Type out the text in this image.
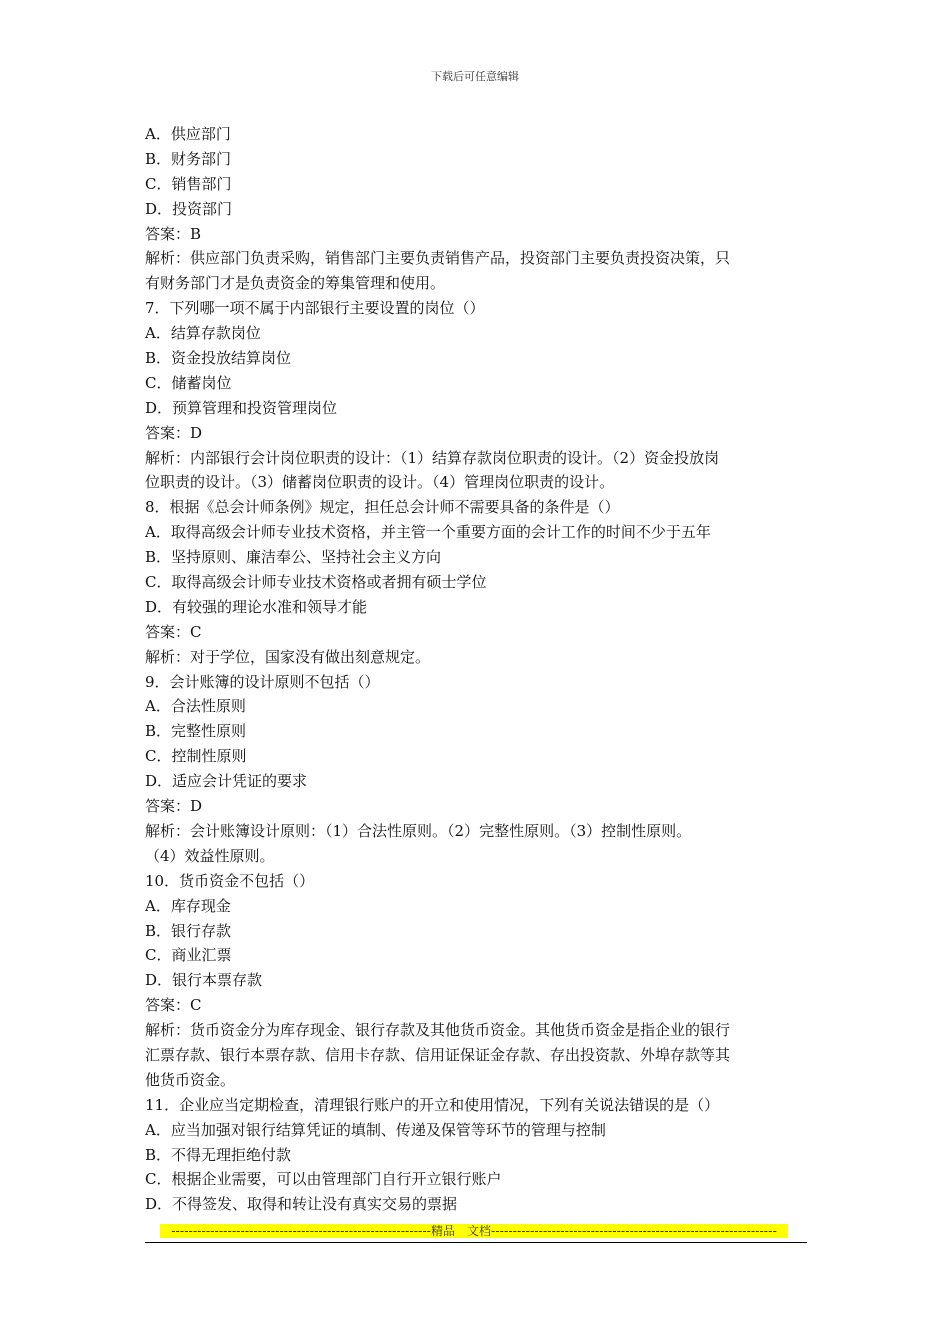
下载后可任意编辑
A．供应部门
B．财务部门
C．销售部门
D．投资部门
答案：B
解析：供应部门负责采购，销售部门主要负责销售产品，投资部门主要负责投资决策，只
有财务部门才是负责资金的筹集管理和使用。
7．下列哪一项不属于内部银行主要设置的岗位（）
A．结算存款岗位
B．资金投放结算岗位
C．储蓄岗位
D．预算管理和投资管理岗位
答案：D
解析：内部银行会计岗位职责的设计：（1）结算存款岗位职责的设计。（2）资金投放岗
位职责的设计。（3）储蓄岗位职责的设计。（4）管理岗位职责的设计。
8．根据《总会计师条例》规定，担任总会计师不需要具备的条件是（）
A．取得高级会计师专业技术资格，并主管一个重要方面的会计工作的时间不少于五年
B．坚持原则、廉洁奉公、坚持社会主义方向
C．取得高级会计师专业技术资格或者拥有硕士学位
D．有较强的理论水准和领导才能
答案：C
解析：对于学位，国家没有做出刻意规定。
9．会计账簿的设计原则不包括（）
A．合法性原则
B．完整性原则
C．控制性原则
D．适应会计凭证的要求
答案：D
解析：会计账簿设计原则：（1）合法性原则。（2）完整性原则。（3）控制性原则。
（4）效益性原则。
10．货币资金不包括（）
A．库存现金
B．银行存款
C．商业汇票
D．银行本票存款
答案：C
解析：货币资金分为库存现金、银行存款及其他货币资金。其他货币资金是指企业的银行
汇票存款、银行本票存款、信用卡存款、信用证保证金存款、存出投资款、外埠存款等其
他货币资金。
11．企业应当定期检查，清理银行账户的开立和使用情况，下列有关说法错误的是（）
A．应当加强对银行结算凭证的填制、传递及保管等环节的管理与控制
B．不得无理拒绝付款
C．根据企业需要，可以由管理部门自行开立银行账户
D．不得签发、取得和转让没有真实交易的票据
------------------------------------------------------------精品　文档------------------------------------------------------------------
